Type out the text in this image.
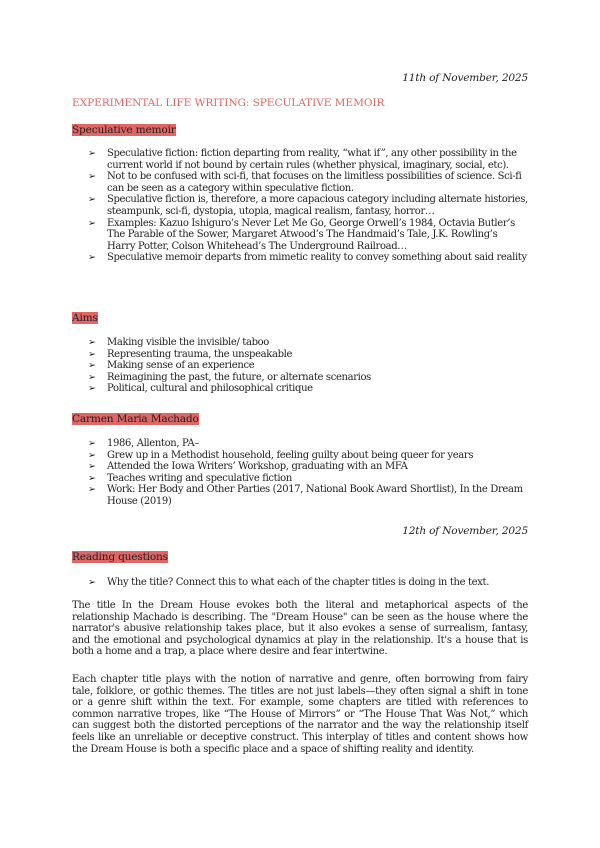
11th of November, 2025
EXPERIMENTAL LIFE WRITING: SPECULATIVE MEMOIR
Speculative memoir
➢ Speculative fiction: fiction departing from reality, “what if”, any other possibility in the current world if not bound by certain rules (whether physical, imaginary, social, etc).
➢ Not to be confused with sci-fi, that focuses on the limitless possibilities of science. Sci-fi can be seen as a category within speculative fiction.
➢ Speculative fiction is, therefore, a more capacious category including alternate histories, steampunk, sci-fi, dystopia, utopia, magical realism, fantasy, horror…
➢ Examples: Kazuo Ishiguro’s Never Let Me Go, George Orwell’s 1984, Octavia Butler’s The Parable of the Sower, Margaret Atwood’s The Handmaid’s Tale, J.K. Rowling’s Harry Potter, Colson Whitehead’s The Underground Railroad…
➢ Speculative memoir departs from mimetic reality to convey something about said reality
Aims
➢ Making visible the invisible/ taboo
➢ Representing trauma, the unspeakable
➢ Making sense of an experience
➢ Reimagining the past, the future, or alternate scenarios
➢ Political, cultural and philosophical critique
Carmen Maria Machado
➢ 1986, Allenton, PA–
➢ Grew up in a Methodist household, feeling guilty about being queer for years
➢ Attended the Iowa Writers’ Workshop, graduating with an MFA
➢ Teaches writing and speculative fiction
➢ Work: Her Body and Other Parties (2017, National Book Award Shortlist), In the Dream House (2019)
12th of November, 2025
Reading questions
➢ Why the title? Connect this to what each of the chapter titles is doing in the text.

The title In the Dream House evokes both the literal and metaphorical aspects of the relationship Machado is describing. The "Dream House" can be seen as the house where the narrator's abusive relationship takes place, but it also evokes a sense of surrealism, fantasy, and the emotional and psychological dynamics at play in the relationship. It's a house that is both a home and a trap, a place where desire and fear intertwine.

Each chapter title plays with the notion of narrative and genre, often borrowing from fairy tale, folklore, or gothic themes. The titles are not just labels—they often signal a shift in tone or a genre shift within the text. For example, some chapters are titled with references to common narrative tropes, like “The House of Mirrors” or “The House That Was Not,” which can suggest both the distorted perceptions of the narrator and the way the relationship itself feels like an unreliable or deceptive construct. This interplay of titles and content shows how the Dream House is both a specific place and a space of shifting reality and identity.
